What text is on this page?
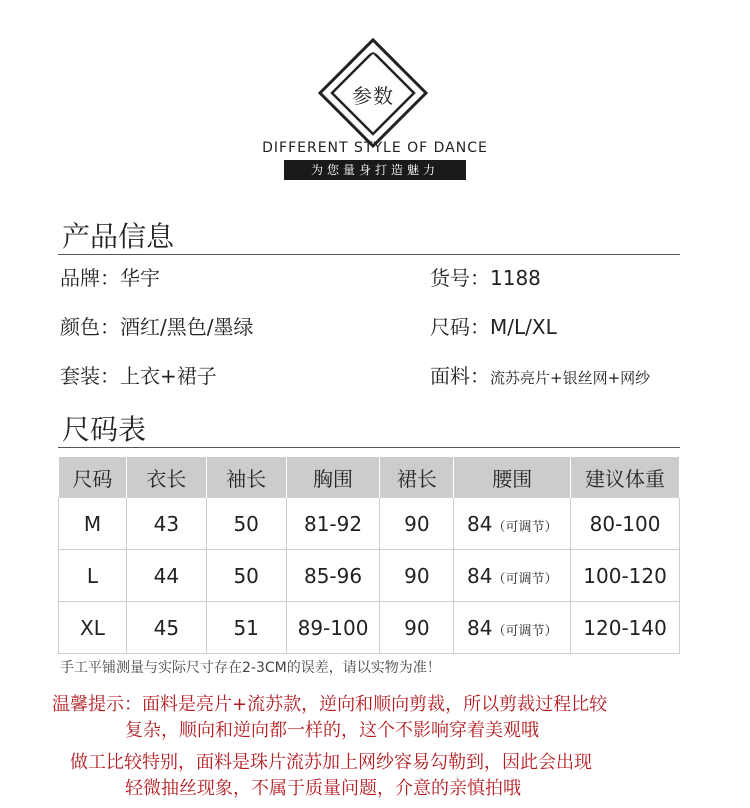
参数
DIFFERENT STYLE OF DANCE
为您量身打造魅力
产品信息
品牌：华宇	货号：1188
颜色：酒红/黑色/墨绿	尺码：M/L/XL
套装：上衣+裙子	面料：流苏亮片+银丝网+网纱
尺码表
尺码	衣长	袖长	胸围	裙长	腰围	建议体重
M	43	50	81-92	90	84（可调节）	80-100
L	44	50	85-96	90	84（可调节）	100-120
XL	45	51	89-100	90	84（可调节）	120-140
手工平铺测量与实际尺寸存在2-3CM的误差，请以实物为准！
温馨提示：面料是亮片+流苏款，逆向和顺向剪裁，所以剪裁过程比较
复杂，顺向和逆向都一样的，这个不影响穿着美观哦
做工比较特别，面料是珠片流苏加上网纱容易勾勒到，因此会出现
轻微抽丝现象，不属于质量问题，介意的亲慎拍哦
